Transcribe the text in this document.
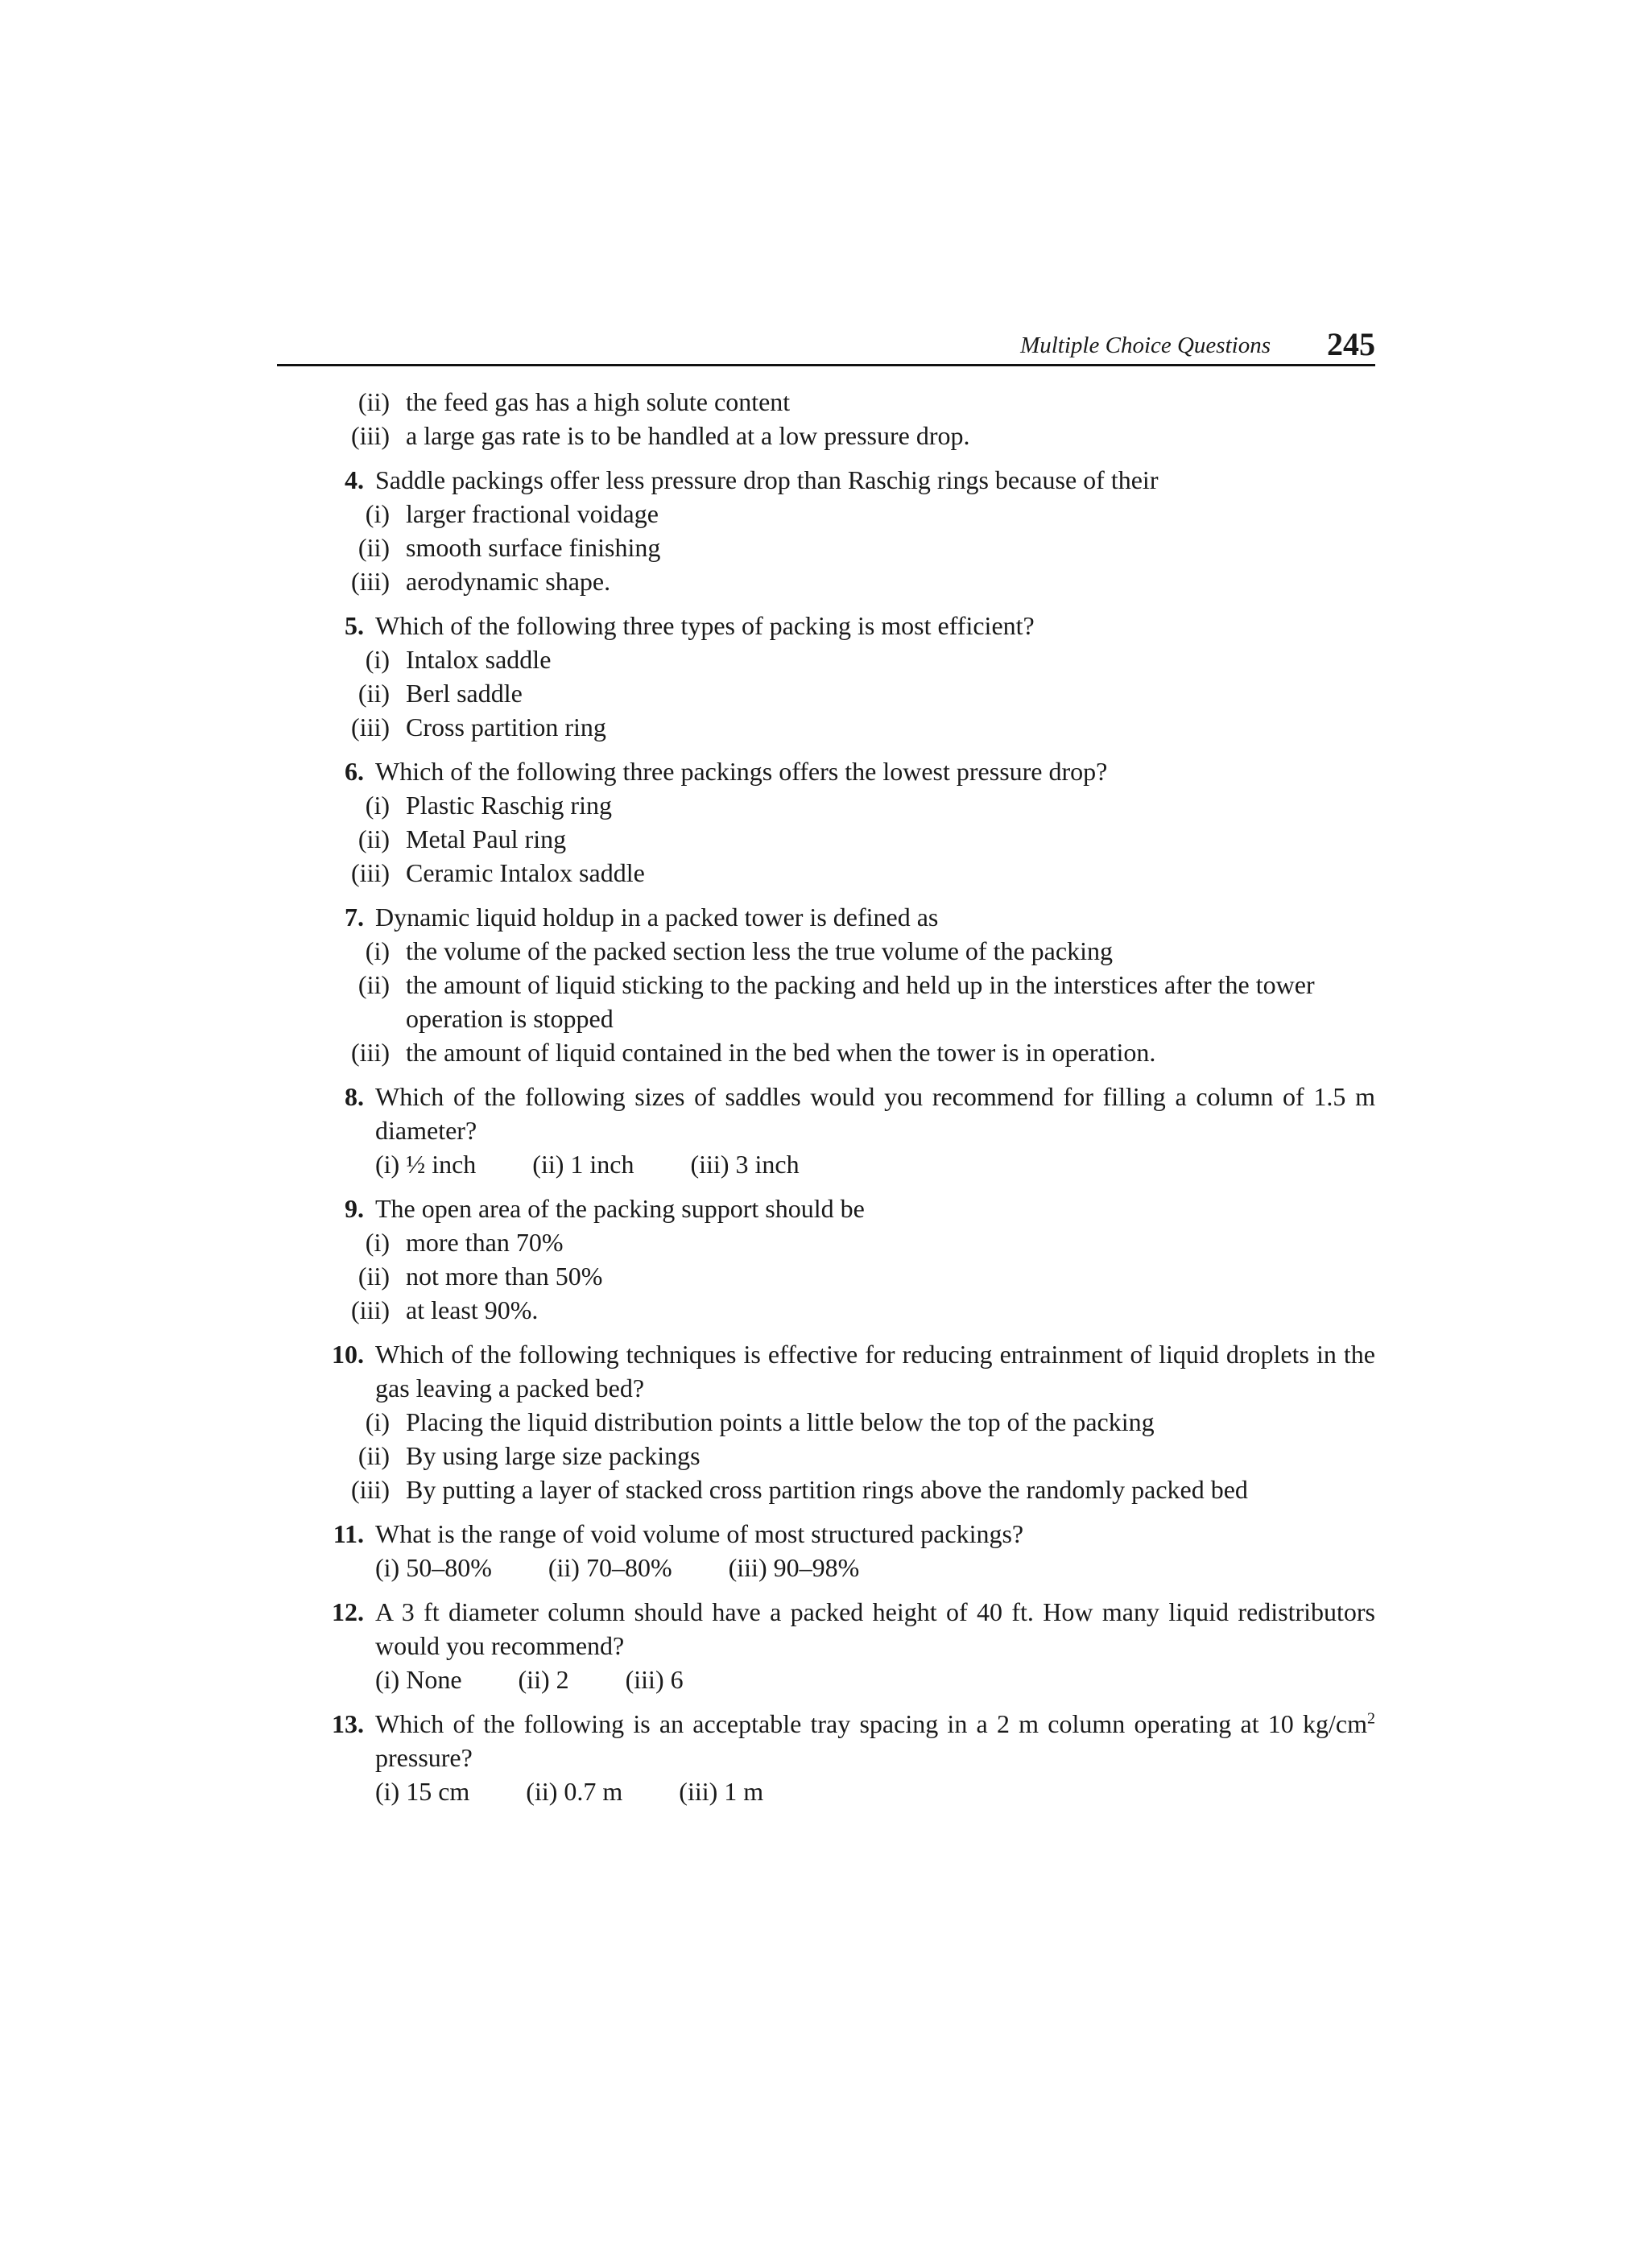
Multiple Choice Questions 245
(ii) the feed gas has a high solute content
(iii) a large gas rate is to be handled at a low pressure drop.
4. Saddle packings offer less pressure drop than Raschig rings because of their
(i) larger fractional voidage
(ii) smooth surface finishing
(iii) aerodynamic shape.
5. Which of the following three types of packing is most efficient?
(i) Intalox saddle
(ii) Berl saddle
(iii) Cross partition ring
6. Which of the following three packings offers the lowest pressure drop?
(i) Plastic Raschig ring
(ii) Metal Paul ring
(iii) Ceramic Intalox saddle
7. Dynamic liquid holdup in a packed tower is defined as
(i) the volume of the packed section less the true volume of the packing
(ii) the amount of liquid sticking to the packing and held up in the interstices after the tower operation is stopped
(iii) the amount of liquid contained in the bed when the tower is in operation.
8. Which of the following sizes of saddles would you recommend for filling a column of 1.5 m diameter?
(i) ½ inch (ii) 1 inch (iii) 3 inch
9. The open area of the packing support should be
(i) more than 70%
(ii) not more than 50%
(iii) at least 90%.
10. Which of the following techniques is effective for reducing entrainment of liquid droplets in the gas leaving a packed bed?
(i) Placing the liquid distribution points a little below the top of the packing
(ii) By using large size packings
(iii) By putting a layer of stacked cross partition rings above the randomly packed bed
11. What is the range of void volume of most structured packings?
(i) 50–80% (ii) 70–80% (iii) 90–98%
12. A 3 ft diameter column should have a packed height of 40 ft. How many liquid redistributors would you recommend?
(i) None (ii) 2 (iii) 6
13. Which of the following is an acceptable tray spacing in a 2 m column operating at 10 $kg/cm^2$ pressure?
(i) 15 cm (ii) 0.7 m (iii) 1 m
